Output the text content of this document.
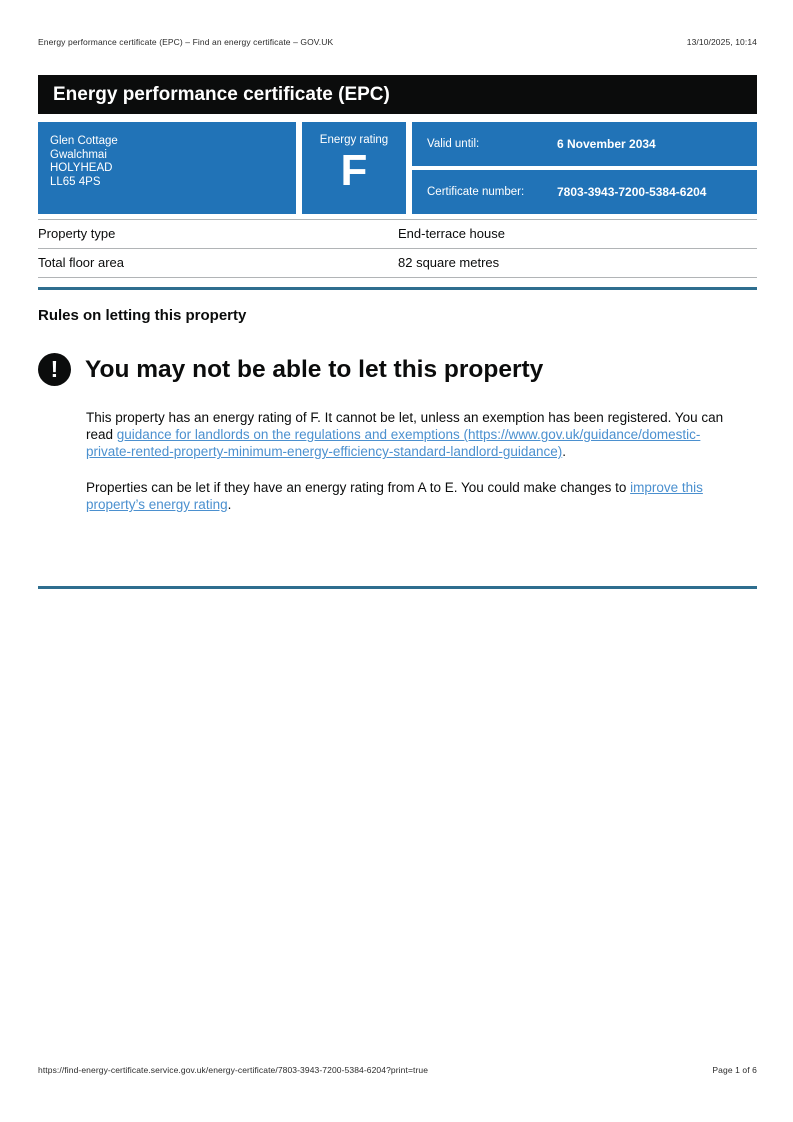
Energy performance certificate (EPC) – Find an energy certificate – GOV.UK	13/10/2025, 10:14
Energy performance certificate (EPC)
Glen Cottage
Gwalchmai
HOLYHEAD
LL65 4PS
Energy rating
F
Valid until:	6 November 2034
Certificate number:	7803-3943-7200-5384-6204
Property type	End-terrace house
Total floor area	82 square metres
Rules on letting this property
! You may not be able to let this property

This property has an energy rating of F. It cannot be let, unless an exemption has been registered. You can read guidance for landlords on the regulations and exemptions (https://www.gov.uk/guidance/domestic-private-rented-property-minimum-energy-efficiency-standard-landlord-guidance).

Properties can be let if they have an energy rating from A to E. You could make changes to improve this property’s energy rating.

https://find-energy-certificate.service.gov.uk/energy-certificate/7803-3943-7200-5384-6204?print=true	Page 1 of 6
